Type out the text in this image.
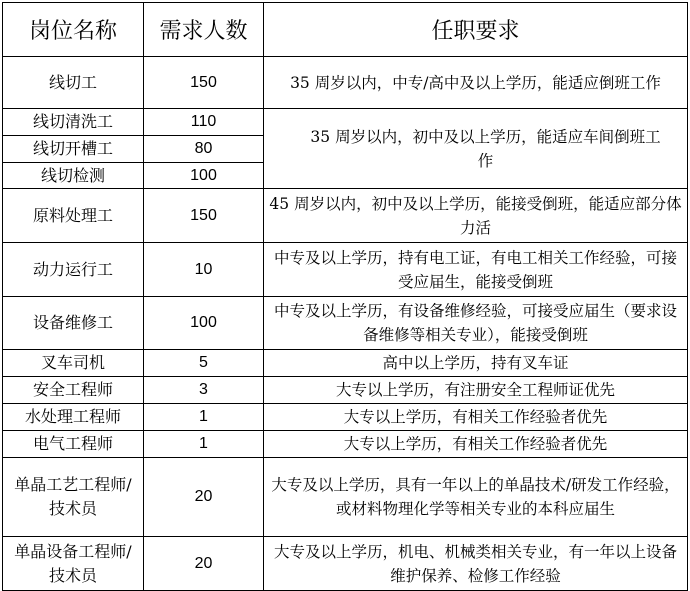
岗位名称	需求人数	任职要求
线切工	150	35 周岁以内，中专/高中及以上学历，能适应倒班工作
线切清洗工	110	35 周岁以内，初中及以上学历，能适应车间倒班工作
线切开槽工	80	
线切检测	100	
原料处理工	150	45 周岁以内，初中及以上学历，能接受倒班，能适应部分体力活
动力运行工	10	中专及以上学历，持有电工证，有电工相关工作经验，可接受应届生，能接受倒班
设备维修工	100	中专及以上学历，有设备维修经验，可接受应届生（要求设备维修等相关专业），能接受倒班
叉车司机	5	高中以上学历，持有叉车证
安全工程师	3	大专以上学历，有注册安全工程师证优先
水处理工程师	1	大专以上学历，有相关工作经验者优先
电气工程师	1	大专以上学历，有相关工作经验者优先
单晶工艺工程师/技术员	20	大专及以上学历，具有一年以上的单晶技术/研发工作经验，或材料物理化学等相关专业的本科应届生
单晶设备工程师/技术员	20	大专及以上学历，机电、机械类相关专业，有一年以上设备维护保养、检修工作经验
